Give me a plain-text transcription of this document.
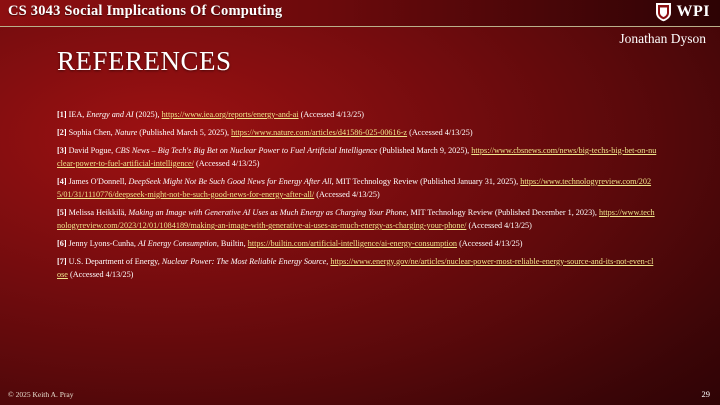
CS 3043 Social Implications Of Computing	WPI
Jonathan Dyson
REFERENCES
[1] IEA, Energy and AI (2025), https://www.iea.org/reports/energy-and-ai (Accessed 4/13/25)
[2] Sophia Chen, Nature (Published March 5, 2025), https://www.nature.com/articles/d41586-025-00616-z (Accessed 4/13/25)
[3] David Pogue, CBS News – Big Tech's Big Bet on Nuclear Power to Fuel Artificial Intelligence (Published March 9, 2025), https://www.cbsnews.com/news/big-techs-big-bet-on-nuclear-power-to-fuel-artificial-intelligence/ (Accessed 4/13/25)
[4] James O'Donnell, DeepSeek Might Not Be Such Good News for Energy After All, MIT Technology Review (Published January 31, 2025), https://www.technologyreview.com/2025/01/31/1110776/deepseek-might-not-be-such-good-news-for-energy-after-all/ (Accessed 4/13/25)
[5] Melissa Heikkilä, Making an Image with Generative AI Uses as Much Energy as Charging Your Phone, MIT Technology Review (Published December 1, 2023), https://www.technologyreview.com/2023/12/01/1084189/making-an-image-with-generative-ai-uses-as-much-energy-as-charging-your-phone/ (Accessed 4/13/25)
[6] Jenny Lyons-Cunha, AI Energy Consumption, Builtin, https://builtin.com/artificial-intelligence/ai-energy-consumption (Accessed 4/13/25)
[7] U.S. Department of Energy, Nuclear Power: The Most Reliable Energy Source, https://www.energy.gov/ne/articles/nuclear-power-most-reliable-energy-source-and-its-not-even-close (Accessed 4/13/25)
© 2025 Keith A. Pray	29
